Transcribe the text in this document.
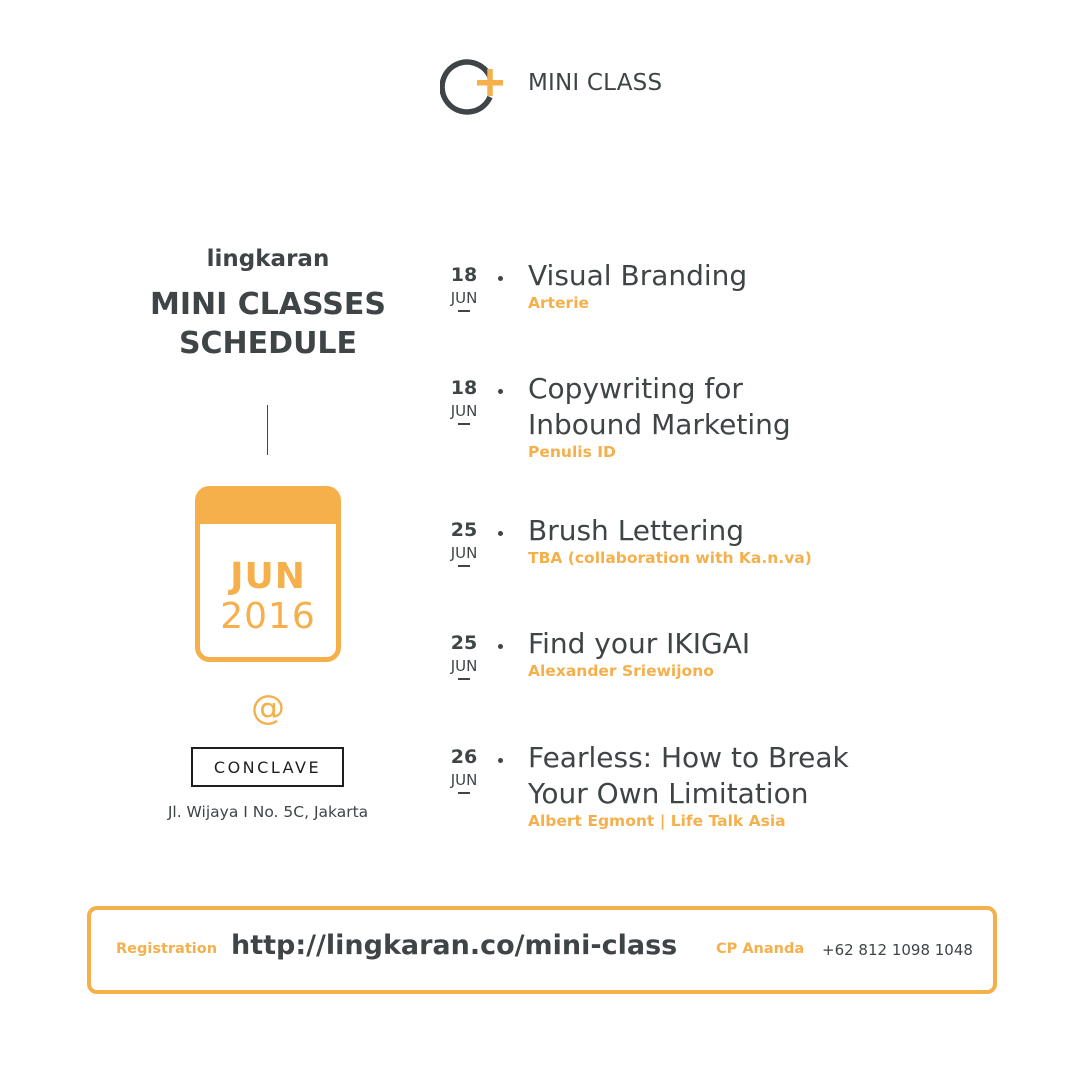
MINI CLASS
lingkaran
MINI CLASSES
SCHEDULE
JUN
2016
@
CONCLAVE
Jl. Wijaya I No. 5C, Jakarta
18
JUN
Visual Branding
Arterie
18
JUN
Copywriting for Inbound Marketing
Penulis ID
25
JUN
Brush Lettering
TBA (collaboration with Ka.n.va)
25
JUN
Find your IKIGAI
Alexander Sriewijono
26
JUN
Fearless: How to Break Your Own Limitation
Albert Egmont | Life Talk Asia
Registration http://lingkaran.co/mini-class	CP Ananda +62 812 1098 1048
